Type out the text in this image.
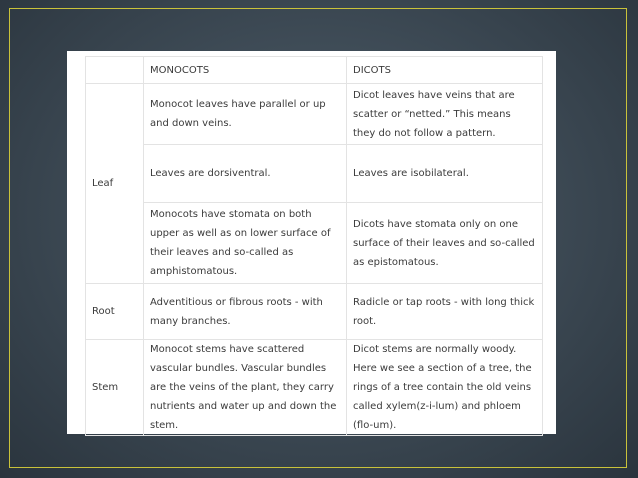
	MONOCOTS	DICOTS
Leaf	Monocot leaves have parallel or up and down veins.	Dicot leaves have veins that are scatter or “netted.” This means they do not follow a pattern.
	Leaves are dorsiventral.	Leaves are isobilateral.
	Monocots have stomata on both upper as well as on lower surface of their leaves and so-called as amphistomatous.	Dicots have stomata only on one surface of their leaves and so-called as epistomatous.
Root	Adventitious or fibrous roots - with many branches.	Radicle or tap roots - with long thick root.
Stem	Monocot stems have scattered vascular bundles. Vascular bundles are the veins of the plant, they carry nutrients and water up and down the stem.	Dicot stems are normally woody. Here we see a section of a tree, the rings of a tree contain the old veins called xylem(z-i-lum) and phloem (flo-um).
